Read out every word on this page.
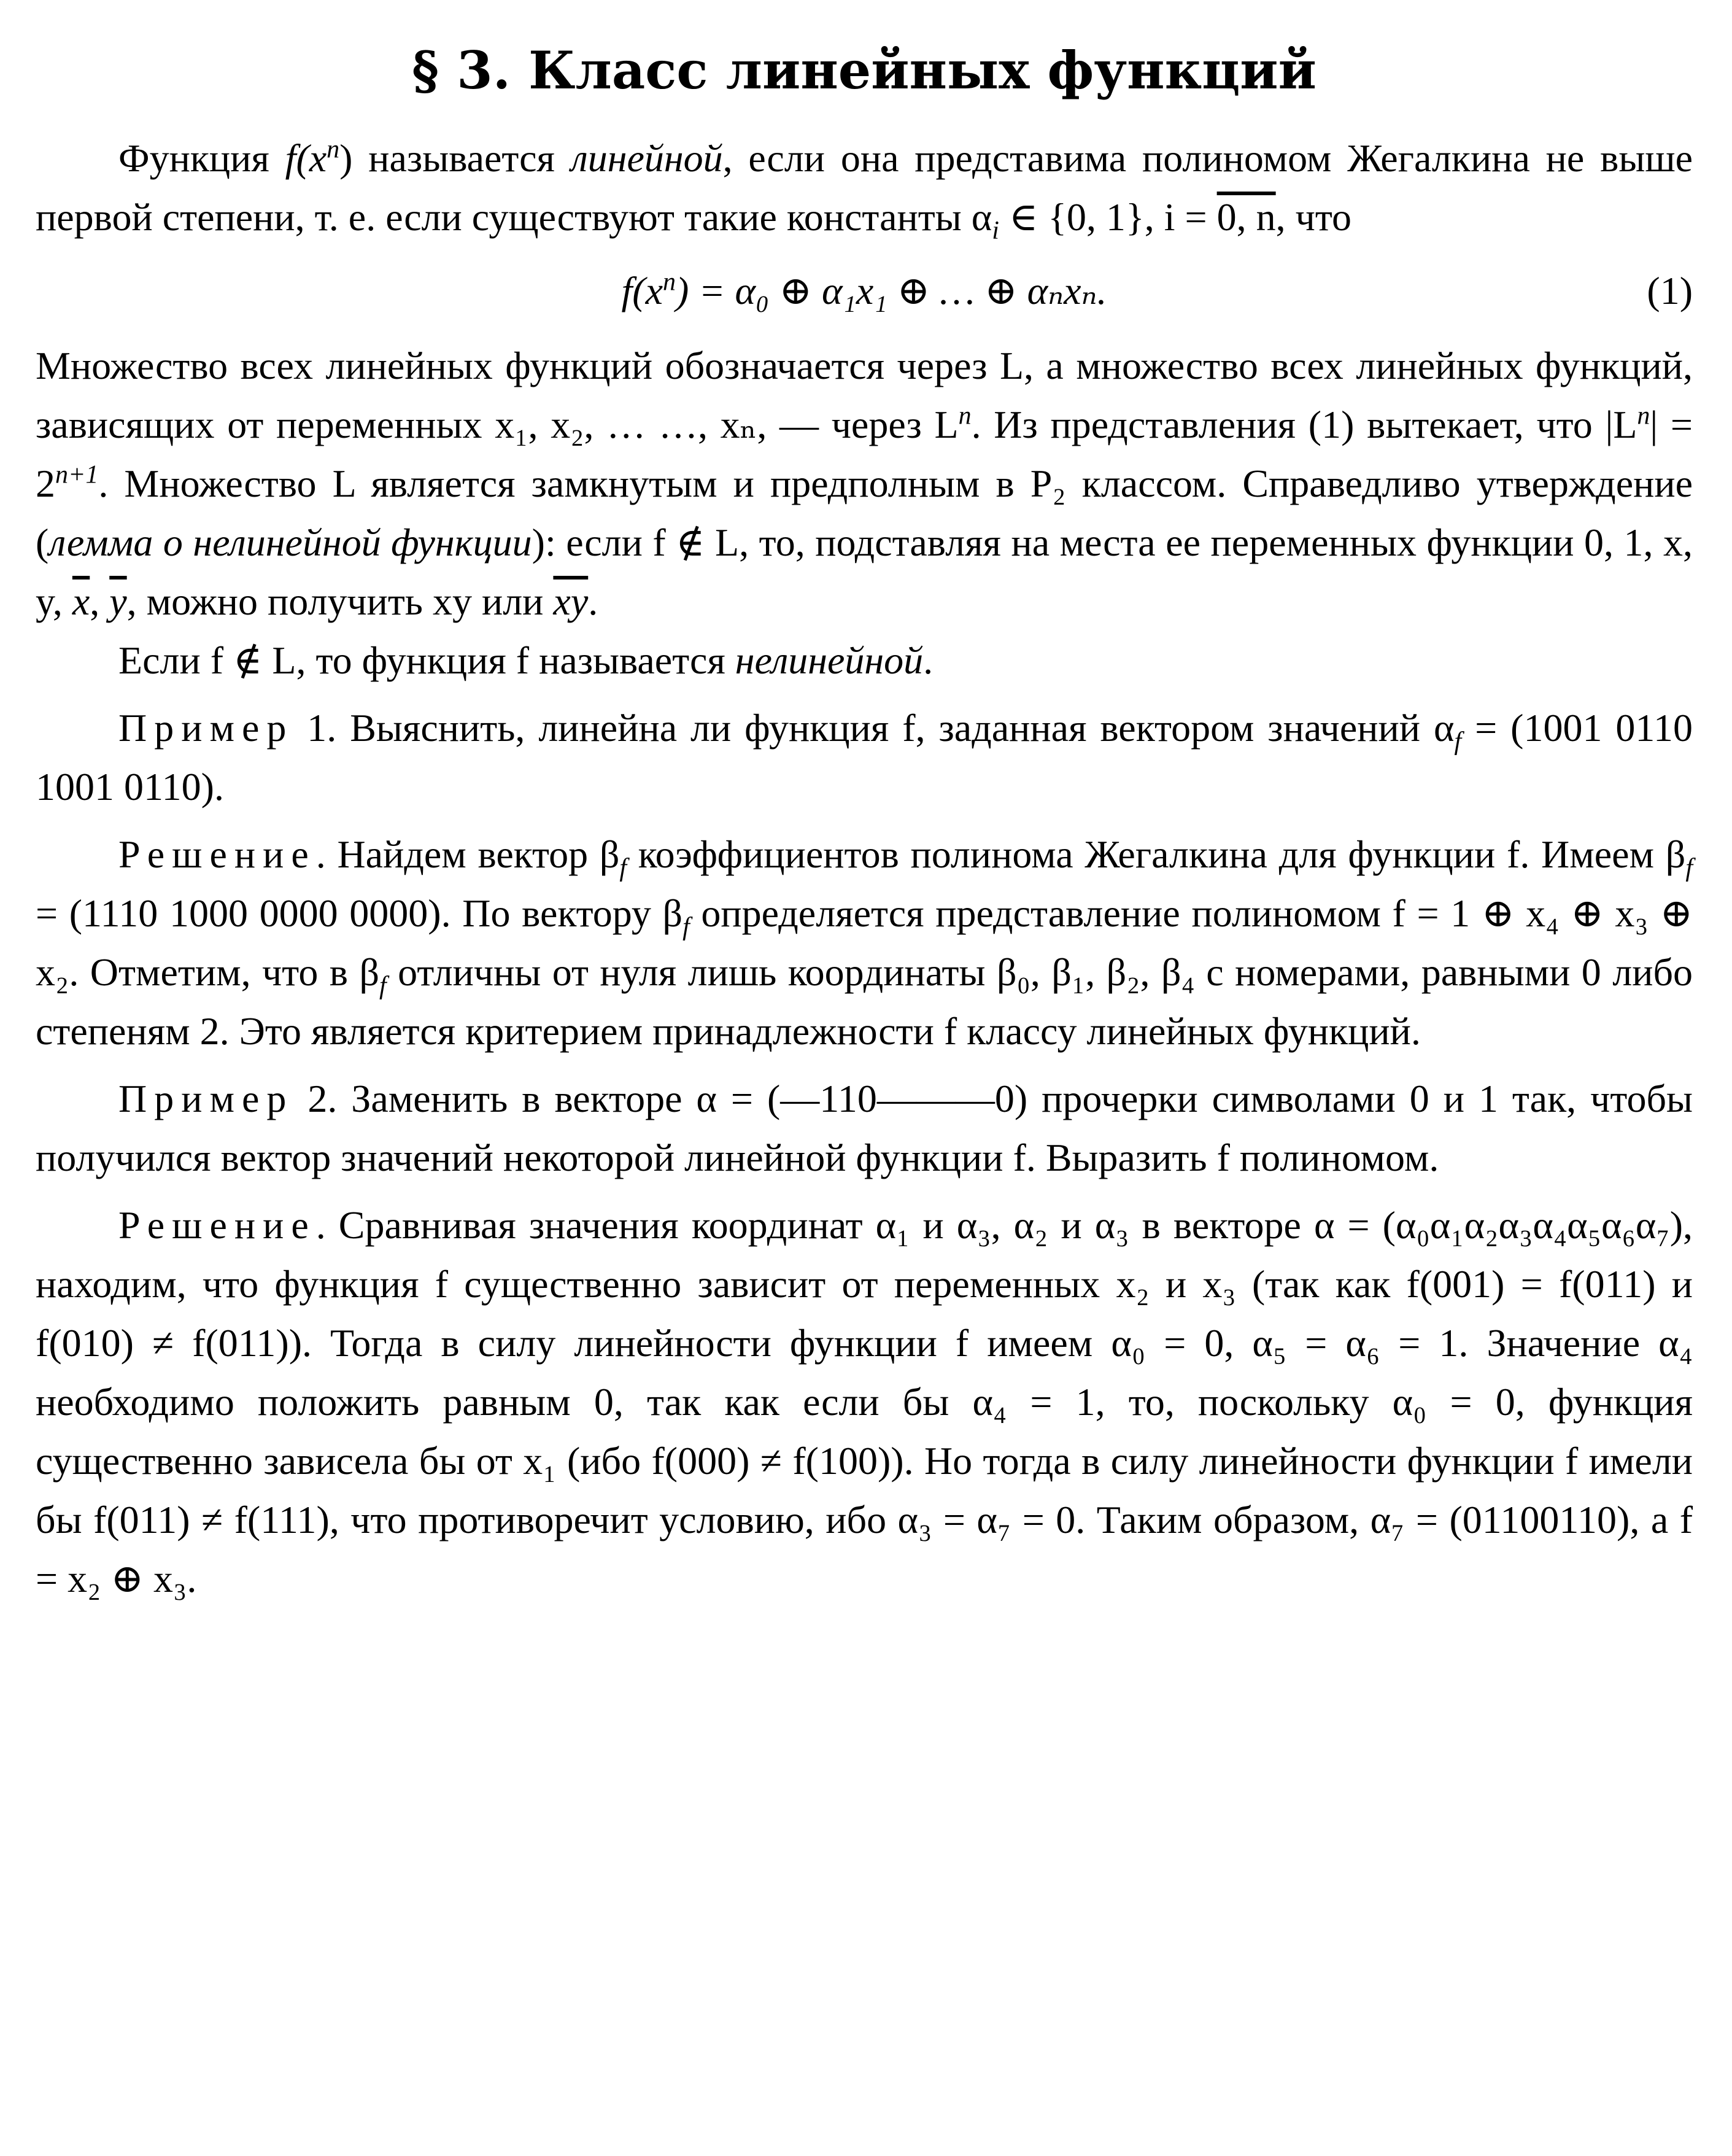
§ 3. Класс линейных функций

Функция $f(x^n)$ называется линейной, если она представима полиномом Жегалкина не выше первой степени, т. е. если существуют такие константы $\alpha_i$ ∈ {0, 1}, i = 0, n, что

$f(x^n) = \alpha_0$ ⊕ α₁x₁ ⊕ … ⊕ αₙxₙ.	(1)

Множество всех линейных функций обозначается через L, а множество всех линейных функций, зависящих от переменных x₁, x₂, … …, xₙ, — через $L^n$. Из представления (1) вытекает, что $|L^n| = 2^{n+1}$. Множество L является замкнутым и предполным в P₂ классом. Справедливо утверждение (лемма о нелинейной функции): если f ∉ L, то, подставляя на места ее переменных функции 0, 1, x, y, $\overline{x}$, $\overline{y}$, можно получить xy или $\overline{xy}$.

Если f ∉ L, то функция f называется нелинейной.

Пример 1. Выяснить, линейна ли функция f, заданная вектором значений $\alpha_f = (1001$ 0110 1001 0110).

Решение. Найдем вектор $\beta_f$ коэффициентов полинома Жегалкина для функции f. Имеем $\beta_f = (1110$ 1000 0000 0000). По вектору $\beta_f$ определяется представление полиномом f = 1 ⊕ x₄ ⊕ x₃ ⊕ x₂. Отметим, что в $\beta_f$ отличны от нуля лишь координаты β₀, β₁, β₂, β₄ с номерами, равными 0 либо степеням 2. Это является критерием принадлежности f классу линейных функций.

Пример 2. Заменить в векторе α = (—110———0) прочерки символами 0 и 1 так, чтобы получился вектор значений некоторой линейной функции f. Выразить f полиномом.

Решение. Сравнивая значения координат α₁ и α₃, α₂ и α₃ в векторе α = (α₀α₁α₂α₃α₄α₅α₆α₇), находим, что функция f существенно зависит от переменных x₂ и x₃ (так как f(001) = f(011) и f(010) ≠ f(011)). Тогда в силу линейности функции f имеем α₀ = 0, α₅ = α₆ = 1. Значение α₄ необходимо положить равным 0, так как если бы α₄ = 1, то, поскольку α₀ = 0, функция существенно зависела бы от x₁ (ибо f(000) ≠ f(100)). Но тогда в силу линейности функции f имели бы f(011) ≠ f(111), что противоречит условию, ибо α₃ = α₇ = 0. Таким образом, α₇ = (01100110), а f = x₂ ⊕ x₃.
